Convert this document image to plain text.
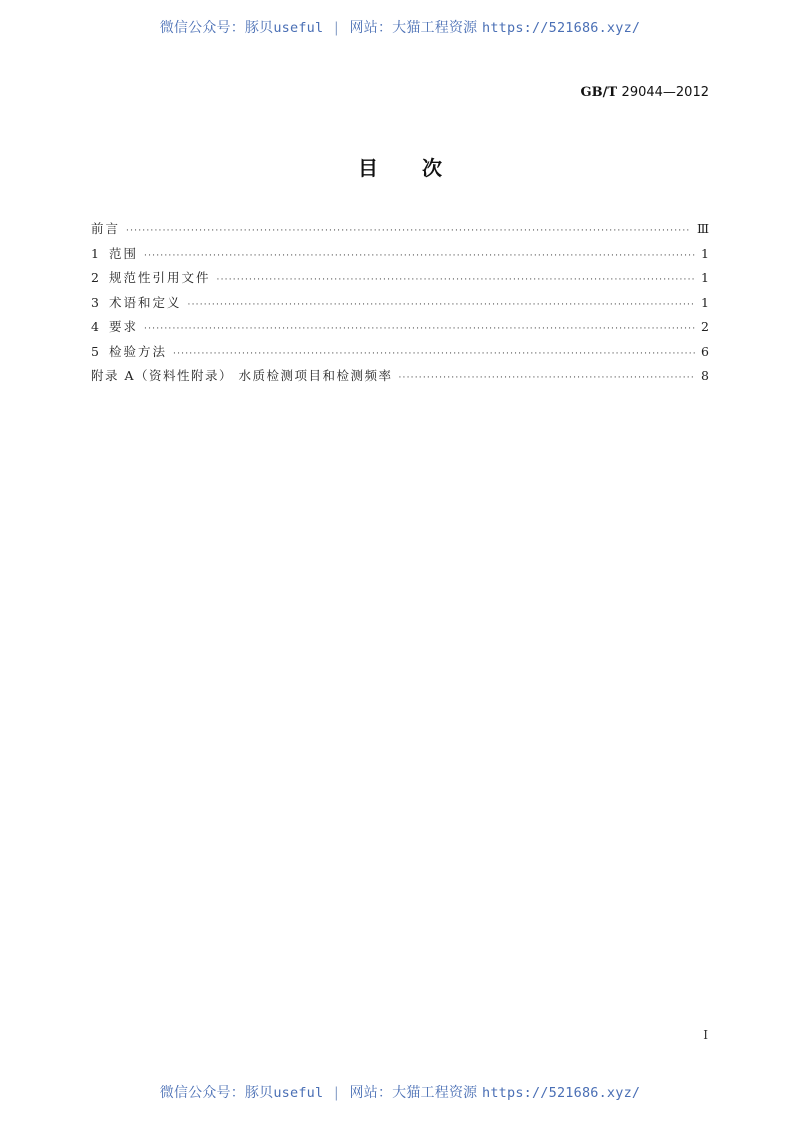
微信公众号：豚贝useful | 网站：大猫工程资源 https://521686.xyz/
GB/T 29044—2012
目次
前言 ·····	Ⅲ
1 范围 ·····	1
2 规范性引用文件 ·····	1
3 术语和定义 ·····	1
4 要求 ·····	2
5 检验方法 ·····	6
附录 A（资料性附录） 水质检测项目和检测频率 ·····	8
I
微信公众号：豚贝useful | 网站：大猫工程资源 https://521686.xyz/
